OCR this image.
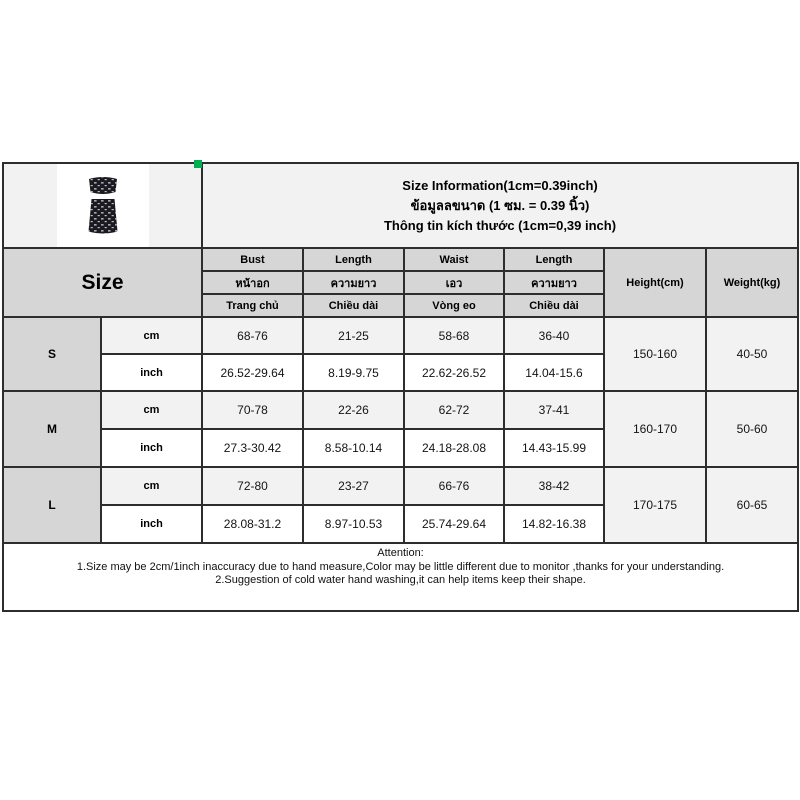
Size Information(1cm=0.39inch)
ข้อมูลลขนาด (1 ซม. = 0.39 นิ้ว)
Thông tin kích thước (1cm=0,39 inch)					

Size		Bust	Length	Waist	Length	Height(cm)	Weight(kg)
		หน้าอก	ความยาว	เอว	ความยาว		
		Trang chủ	Chiều dài	Vòng eo	Chiều dài		
S	cm	68-76	21-25	58-68	36-40	150-160	40-50
	inch	26.52-29.64	8.19-9.75	22.62-26.52	14.04-15.6		
M	cm	70-78	22-26	62-72	37-41	160-170	50-60
	inch	27.3-30.42	8.58-10.14	24.18-28.08	14.43-15.99		
L	cm	72-80	23-27	66-76	38-42	170-175	60-65
	inch	28.08-31.2	8.97-10.53	25.74-29.64	14.82-16.38		

Attention:
1.Size may be 2cm/1inch inaccuracy due to hand measure,Color may be little different due to monitor ,thanks for your understanding.
2.Suggestion of cold water hand washing,it can help items keep their shape.							
